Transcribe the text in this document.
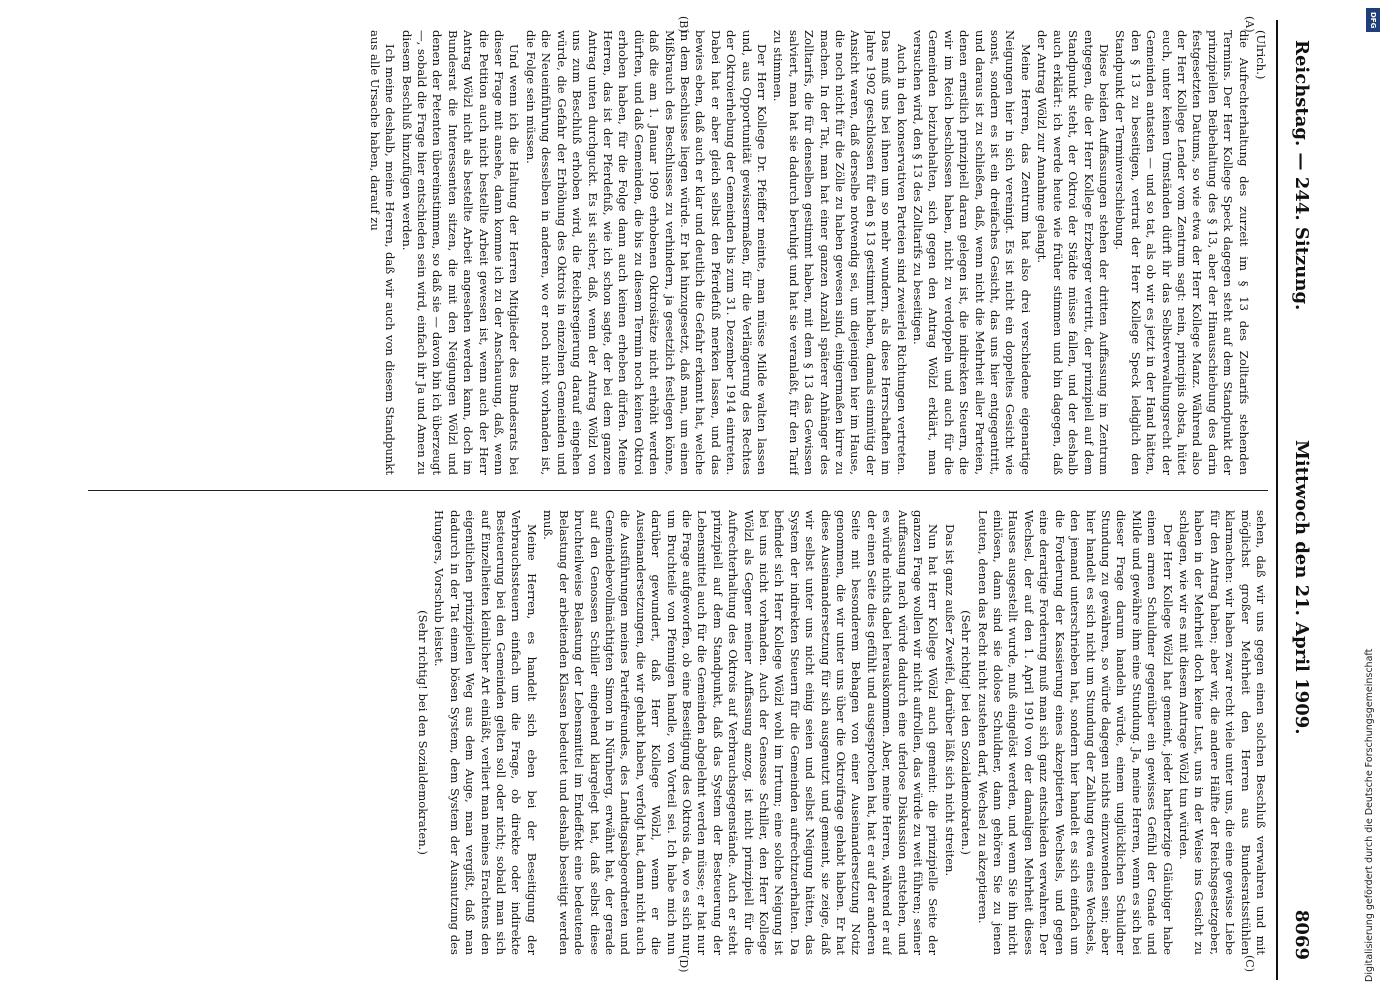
Reichstag. — 244. Sitzung.
Mittwoch den 21. April 1909.
8069
(Ulrich.)

die Aufrechterhaltung des zurzeit im § 13 des Zolltarifs stehenden Termins. Der Herr Kollege Speck dagegen steht auf dem Standpunkt der prinzipiellen Beibehaltung des § 13, aber der Hinausschiebung des darin festgesetzten Datums, so wie etwa der Herr Kollege Manz. Während also der Herr Kollege Lender vom Zentrum sagt: nein, principiis obsta, hütet euch, unter keinen Umständen dürft ihr das Selbstverwaltungsrecht der Gemeinden antasten — und so tat, als ob wir es jetzt in der Hand hätten, den § 13 zu beseitigen, vertrat der Herr Kollege Speck lediglich den Standpunkt der Terminverschiebung.

Diese beiden Auffassungen stehen der dritten Auffassung im Zentrum entgegen, die der Herr Kollege Erzberger vertritt, der prinzipiell auf dem Standpunkt steht, der Oktroi der Städte müsse fallen, und der deshalb auch erklärt: ich werde heute wie früher stimmen und bin dagegen, daß der Antrag Wölzl zur Annahme gelangt.

Meine Herren, das Zentrum hat also drei verschiedene eigenartige Neigungen hier in sich vereinigt. Es ist nicht ein doppeltes Gesicht wie sonst, sondern es ist ein dreifaches Gesicht, das uns hier entgegentritt, und daraus ist zu schließen, daß, wenn nicht die Mehrheit aller Parteien, denen ernstlich prinzipiell daran gelegen ist, die indirekten Steuern, die wir im Reich beschlossen haben, nicht zu verdoppeln und auch für die Gemeinden beizubehalten, sich gegen den Antrag Wölzl erklärt, man versuchen wird, den § 13 des Zolltarifs zu beseitigen.

Auch in den konservativen Parteien sind zweierlei Richtungen vertreten. Das muß uns bei ihnen um so mehr wundern, als diese Herrschaften im Jahre 1902 geschlossen für den § 13 gestimmt haben, damals einmütig der Ansicht waren, daß derselbe notwendig sei, um diejenigen hier im Hause, die noch nicht für die Zölle zu haben gewesen sind, einigermaßen kirre zu machen. In der Tat, man hat einer ganzen Anzahl späterer Anhänger des Zolltarifs, die für denselben gestimmt haben, mit dem § 13 das Gewissen salviert, man hat sie dadurch beruhigt und hat sie veranlaßt, für den Tarif zu stimmen.

Der Herr Kollege Dr. Pfeiffer meinte, man müsse Milde walten lassen und, aus Opportunität gewissermaßen, für die Verlängerung des Rechtes der Oktroierhebung der Gemeinden bis zum 31. Dezember 1914 eintreten. Dabei hat er aber gleich selbst den Pferdefuß merken lassen, und das bewies eben, daß auch er klar und deutlich die Gefahr erkannt hat, welche in dem Beschlusse liegen würde. Er hat hinzugesetzt, daß man, um einen Mißbrauch des Beschlusses zu verhindern, ja gesetzlich festlegen könne, daß die am 1. Januar 1909 erhobenen Oktroisätze nicht erhöht werden dürften, und daß Gemeinden, die bis zu diesem Termin noch keinen Oktroi erhoben haben, für die Folge dann auch keinen erheben dürfen. Meine Herren, das ist der Pferdefuß, wie ich schon sagte, der bei dem ganzen Antrag unten durchguckt. Es ist sicher, daß, wenn der Antrag Wölzl von uns zum Beschluß erhoben wird, die Reichsregierung darauf eingehen würde, die Gefahr der Erhöhung des Oktrois in einzelnen Gemeinden und die Neueinführung desselben in anderen, wo er noch nicht vorhanden ist, die Folge sein müssen.

Und wenn ich die Haltung der Herren Mitglieder des Bundesrats bei dieser Frage mit ansehe, dann komme ich zu der Anschauung, daß, wenn die Petition auch nicht bestellte Arbeit gewesen ist, wenn auch der Herr Antrag Wölzl nicht als bestellte Arbeit angesehen werden kann, doch im Bundesrat die Interessenten sitzen, die mit den Neigungen Wölzl und denen der Petenten übereinstimmen, so daß sie — davon bin ich überzeugt —, sobald die Frage hier entschieden sein wird, einfach ihr Ja und Amen zu diesem Beschluß hinzufügen werden.

Ich meine deshalb, meine Herren, daß wir auch von diesem Standpunkt aus alle Ursache haben, darauf zu

sehen, daß wir uns gegen einen solchen Beschluß verwahren und mit möglichst großer Mehrheit den Herren aus Bundesratsstühlen klarmachen: wir haben zwar recht viele unter uns, die eine gewisse Liebe für den Antrag haben; aber wir, die andere Hälfte der Reichsgesetzgeber, haben in der Mehrheit doch keine Lust, uns in der Weise ins Gesicht zu schlagen, wie wir es mit diesem Antrage Wölzl tun würden.

Der Herr Kollege Wölzl hat gemeint, jeder hartherzige Gläubiger habe einem armen Schuldner gegenüber ein gewisses Gefühl der Gnade und Milde und gewähre ihm eine Stundung. Ja, meine Herren, wenn es sich bei dieser Frage darum handeln würde, einem unglücklichen Schuldner Stundung zu gewähren, so würde dagegen nichts einzuwenden sein; aber hier handelt es sich nicht um Stundung der Zahlung etwa eines Wechsels, den jemand unterschrieben hat, sondern hier handelt es sich einfach um die Forderung der Kassierung eines akzeptierten Wechsels, und gegen eine derartige Forderung muß man sich ganz entschieden verwahren. Der Wechsel, der auf den 1. April 1910 von der damaligen Mehrheit dieses Hauses ausgestellt wurde, muß eingelöst werden, und wenn Sie ihn nicht einlösen, dann sind sie dolose Schuldner, dann gehören Sie zu jenen Leuten, denen das Recht nicht zustehen darf, Wechsel zu akzeptieren.

(Sehr richtig! bei den Sozialdemokraten.)

Das ist ganz außer Zweifel, darüber läßt sich nicht streiten.

Nun hat Herr Kollege Wölzl auch gemeint: die prinzipielle Seite der ganzen Frage wollen wir nicht aufrollen, das würde zu weit führen; seiner Auffassung nach würde dadurch eine uferlose Diskussion entstehen, und es würde nichts dabei herauskommen. Aber, meine Herren, während er auf der einen Seite dies gefühlt und ausgesprochen hat, hat er auf der anderen Seite mit besonderem Behagen von einer Auseinandersetzung Notiz genommen, die wir unter uns über die Oktroifrage gehabt haben. Er hat diese Auseinandersetzung für sich ausgenutzt und gemeint, sie zeige, daß wir selbst unter uns nicht einig seien und selbst Neigung hätten, das System der indirekten Steuern für die Gemeinden aufrechtzuerhalten. Da befindet sich Herr Kollege Wölzl wohl im Irrtum; eine solche Neigung ist bei uns nicht vorhanden. Auch der Genosse Schiller, den Herr Kollege Wölzl als Gegner meiner Auffassung anzog, ist nicht prinzipiell für die Aufrechterhaltung des Oktrois auf Verbrauchsgegenstände. Auch er steht prinzipiell auf dem Standpunkt, daß das System der Besteuerung der Lebensmittel auch für die Gemeinden abgelehnt werden müsse; er hat nur die Frage aufgeworfen, ob eine Beseitigung des Oktrois da, wo es sich nur um Bruchteile von Pfennigen handle, von Vorteil sei. Ich habe mich nun darüber gewundert, daß Herr Kollege Wölzl, wenn er die Auseinandersetzungen, die wir gehabt haben, verfolgt hat, dann nicht auch die Ausführungen meines Parteifreundes, des Landtagsabgeordneten und Gemeindebevollmächtigten Simon in Nürnberg, erwähnt hat, der gerade auf den Genossen Schiller eingehend klargelegt hat, daß selbst diese bruchteilweise Belastung der Lebensmittel im Endeffekt eine bedeutende Belastung der arbeitenden Klassen bedeutet und deshalb beseitigt werden muß.

Meine Herren, es handelt sich eben bei der Beseitigung der Verbrauchssteuern einfach um die Frage, ob direkte oder indirekte Besteuerung bei den Gemeinden gelten soll oder nicht; sobald man sich auf Einzelheiten kleinlicher Art einläßt, verliert man meines Erachtens den eigentlichen prinzipiellen Weg aus dem Auge, man vergißt, daß man dadurch in der Tat einem bösen System, dem System der Ausnutzung des Hungers, Vorschub leistet.

(Sehr richtig! bei den Sozialdemokraten.)

(A)
(B)
(C)
(D)
DFG
Digitalisierung gefördert durch die Deutsche Forschungsgemeinschaft
